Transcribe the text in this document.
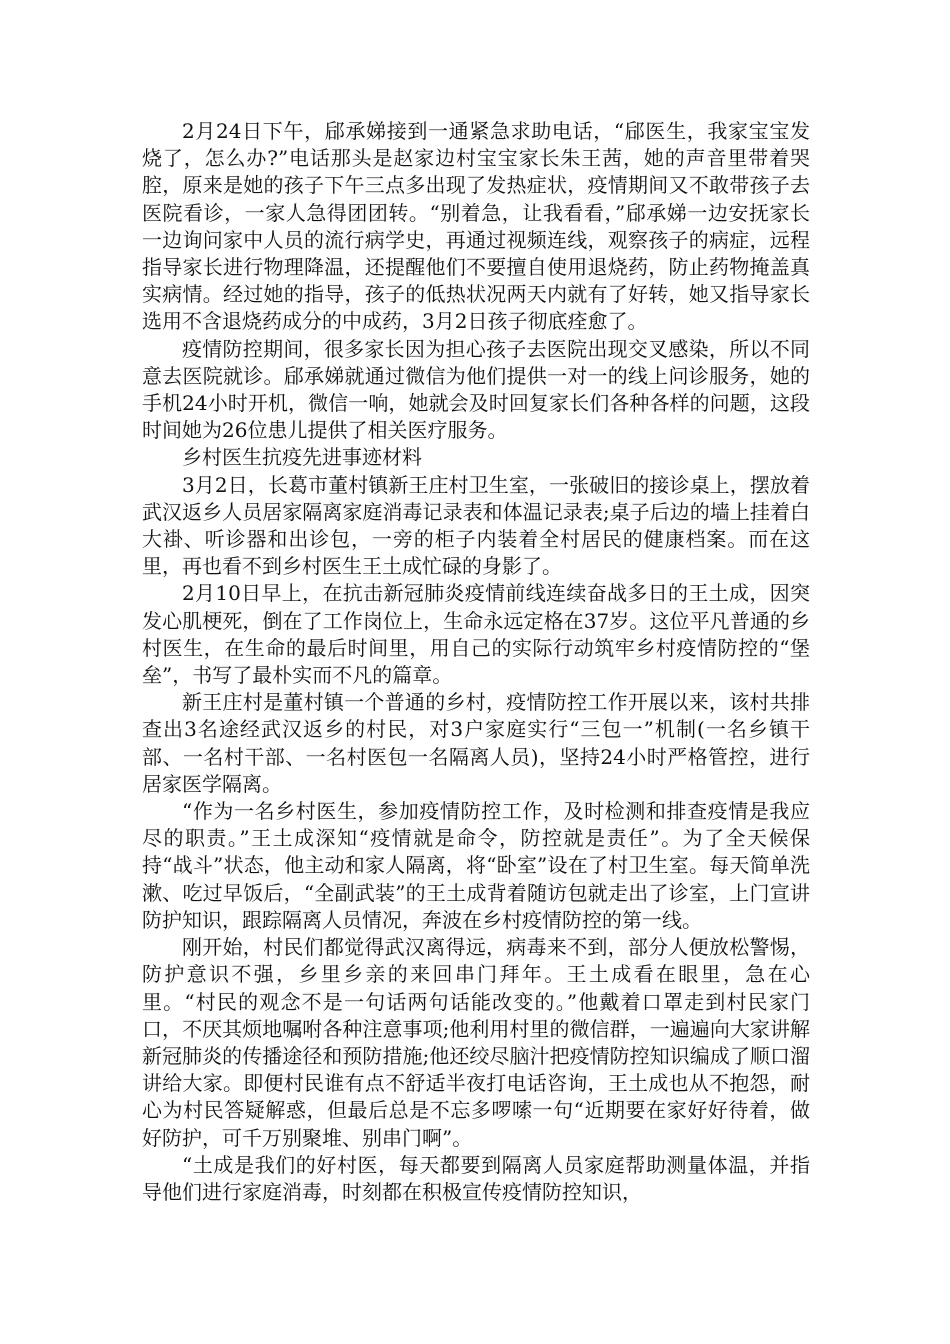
2月24日下午，郈承娣接到一通紧急求助电话，“郈医生，我家宝宝发烧了，怎么办?”电话那头是赵家边村宝宝家长朱王茜，她的声音里带着哭腔，原来是她的孩子下午三点多出现了发热症状，疫情期间又不敢带孩子去医院看诊，一家人急得团团转。“别着急，让我看看，”郈承娣一边安抚家长一边询问家中人员的流行病学史，再通过视频连线，观察孩子的病症，远程指导家长进行物理降温，还提醒他们不要擅自使用退烧药，防止药物掩盖真实病情。经过她的指导，孩子的低热状况两天内就有了好转，她又指导家长选用不含退烧药成分的中成药，3月2日孩子彻底痊愈了。

疫情防控期间，很多家长因为担心孩子去医院出现交叉感染，所以不同意去医院就诊。郈承娣就通过微信为他们提供一对一的线上问诊服务，她的手机24小时开机，微信一响，她就会及时回复家长们各种各样的问题，这段时间她为26位患儿提供了相关医疗服务。

乡村医生抗疫先进事迹材料

3月2日，长葛市董村镇新王庄村卫生室，一张破旧的接诊桌上，摆放着武汉返乡人员居家隔离家庭消毒记录表和体温记录表;桌子后边的墙上挂着白大褂、听诊器和出诊包，一旁的柜子内装着全村居民的健康档案。而在这里，再也看不到乡村医生王土成忙碌的身影了。

2月10日早上，在抗击新冠肺炎疫情前线连续奋战多日的王土成，因突发心肌梗死，倒在了工作岗位上，生命永远定格在37岁。这位平凡普通的乡村医生，在生命的最后时间里，用自己的实际行动筑牢乡村疫情防控的“堡垒”，书写了最朴实而不凡的篇章。

新王庄村是董村镇一个普通的乡村，疫情防控工作开展以来，该村共排查出3名途经武汉返乡的村民，对3户家庭实行“三包一”机制(一名乡镇干部、一名村干部、一名村医包一名隔离人员)，坚持24小时严格管控，进行居家医学隔离。

“作为一名乡村医生，参加疫情防控工作，及时检测和排查疫情是我应尽的职责。”王土成深知“疫情就是命令，防控就是责任”。为了全天候保持“战斗”状态，他主动和家人隔离，将“卧室”设在了村卫生室。每天简单洗漱、吃过早饭后，“全副武装”的王土成背着随访包就走出了诊室，上门宣讲防护知识，跟踪隔离人员情况，奔波在乡村疫情防控的第一线。

刚开始，村民们都觉得武汉离得远，病毒来不到，部分人便放松警惕，防护意识不强，乡里乡亲的来回串门拜年。王土成看在眼里，急在心里。“村民的观念不是一句话两句话能改变的。”他戴着口罩走到村民家门口，不厌其烦地嘱咐各种注意事项;他利用村里的微信群，一遍遍向大家讲解新冠肺炎的传播途径和预防措施;他还绞尽脑汁把疫情防控知识编成了顺口溜讲给大家。即便村民谁有点不舒适半夜打电话咨询，王土成也从不抱怨，耐心为村民答疑解惑，但最后总是不忘多啰嗦一句“近期要在家好好待着，做好防护，可千万别聚堆、别串门啊”。

“土成是我们的好村医，每天都要到隔离人员家庭帮助测量体温，并指导他们进行家庭消毒，时刻都在积极宣传疫情防控知识，
